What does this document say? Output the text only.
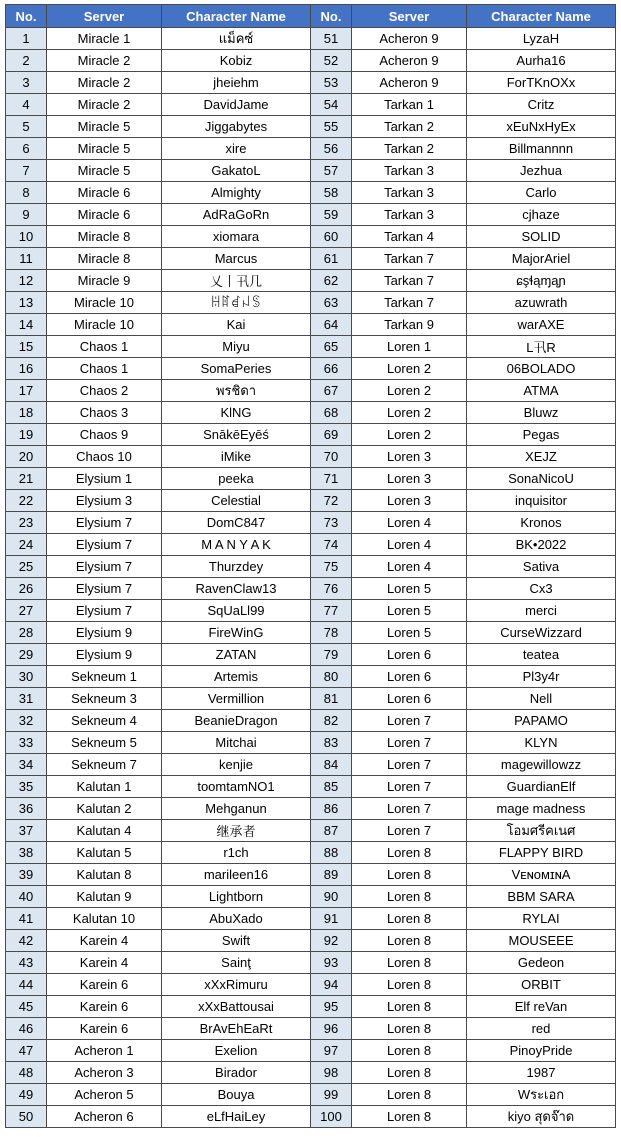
No.	Server	Character Name	No.	Server	Character Name
1	Miracle 1	แม็คซ์	51	Acheron 9	LyzaH
2	Miracle 2	Kobiz	52	Acheron 9	Aurha16
3	Miracle 2	jheiehm	53	Acheron 9	ForTKnOXx
4	Miracle 2	DavidJame	54	Tarkan 1	Critz
5	Miracle 5	Jiggabytes	55	Tarkan 2	xEuNxHyEx
6	Miracle 5	xire	56	Tarkan 2	Billmannnn
7	Miracle 5	GakatoL	57	Tarkan 3	Jezhua
8	Miracle 6	Almighty	58	Tarkan 3	Carlo
9	Miracle 6	AdRaGoRn	59	Tarkan 3	cjhaze
10	Miracle 8	xiomara	60	Tarkan 4	SOLID
11	Miracle 8	Marcus	61	Tarkan 7	MajorAriel
12	Miracle 9	乂丨卂几	62	Tarkan 7	ɕşɬąɱąɲ
13	Miracle 10	ꀍꍏꀸꈤꌗ	63	Tarkan 7	azuwrath
14	Miracle 10	Kai	64	Tarkan 9	warAXE
15	Chaos 1	Miyu	65	Loren 1	L卂R
16	Chaos 1	SomaPeries	66	Loren 2	06BOLADO
17	Chaos 2	พรชิดา	67	Loren 2	ATMA
18	Chaos 3	KlNG	68	Loren 2	Bluwz
19	Chaos 9	SnākēEyēś	69	Loren 2	Pegas
20	Chaos 10	iMike	70	Loren 3	XEJZ
21	Elysium 1	peeka	71	Loren 3	SonaNicoU
22	Elysium 3	Celestial	72	Loren 3	inquisitor
23	Elysium 7	DomC847	73	Loren 4	Kronos
24	Elysium 7	M A N Y A K	74	Loren 4	BK•2022
25	Elysium 7	Thurzdey	75	Loren 4	Sativa
26	Elysium 7	RavenClaw13	76	Loren 5	Cx3
27	Elysium 7	SqUaLl99	77	Loren 5	merci
28	Elysium 9	FireWinG	78	Loren 5	CurseWizzard
29	Elysium 9	ZATAN	79	Loren 6	teatea
30	Sekneum 1	Artemis	80	Loren 6	Pl3y4r
31	Sekneum 3	Vermillion	81	Loren 6	Nell
32	Sekneum 4	BeanieDragon	82	Loren 7	PAPAMO
33	Sekneum 5	Mitchai	83	Loren 7	KLYN
34	Sekneum 7	kenjie	84	Loren 7	magewillowzz
35	Kalutan 1	toomtamNO1	85	Loren 7	GuardianElf
36	Kalutan 2	Mehganun	86	Loren 7	mage madness
37	Kalutan 4	继承者	87	Loren 7	โอมศรีคเนศ
38	Kalutan 5	r1ch	88	Loren 8	FLAPPY BIRD
39	Kalutan 8	marileen16	89	Loren 8	VᴇɴᴏᴍɪɴA
40	Kalutan 9	Lightborn	90	Loren 8	BBM SARA
41	Kalutan 10	AbuXado	91	Loren 8	RYLAI
42	Karein 4	Swift	92	Loren 8	MOUSEEE
43	Karein 4	Sainţ	93	Loren 8	Gedeon
44	Karein 6	xXxRimuru	94	Loren 8	ORBIT
45	Karein 6	xXxBattousai	95	Loren 8	Elf reVan
46	Karein 6	BrAvEhEaRt	96	Loren 8	red
47	Acheron 1	Exelion	97	Loren 8	PinoyPride
48	Acheron 3	Birador	98	Loren 8	1987
49	Acheron 5	Bouya	99	Loren 8	Wระเอก
50	Acheron 6	eLfHaiLey	100	Loren 8	kiyo สุดจ๊าด
